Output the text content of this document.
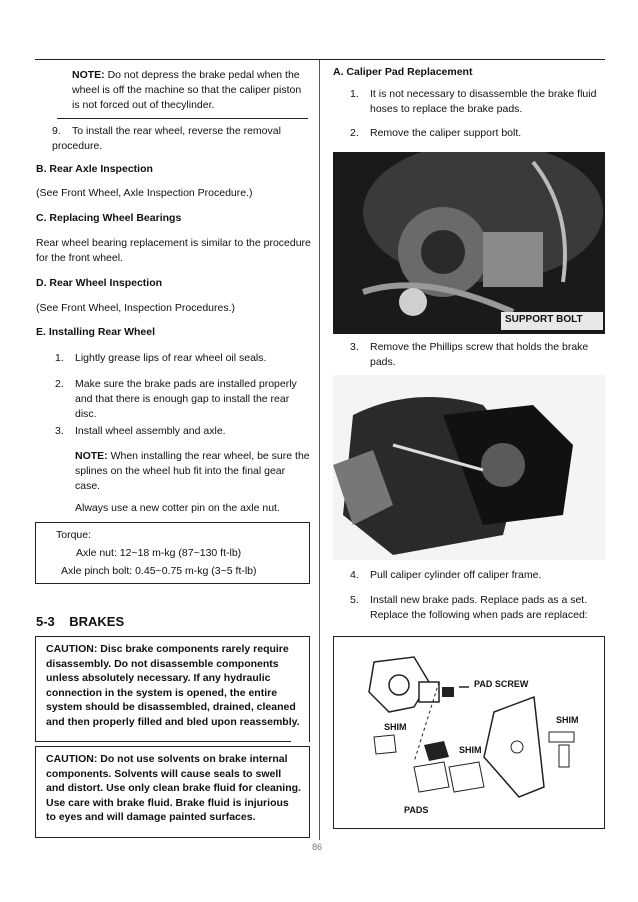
NOTE: Do not depress the brake pedal when the wheel is off the machine so that the caliper piston is not forced out of thecylinder.
9. To install the rear wheel, reverse the removal procedure.
B. Rear Axle Inspection
(See Front Wheel, Axle Inspection Procedure.)
C. Replacing Wheel Bearings
Rear wheel bearing replacement is similar to the procedure for the front wheel.
D. Rear Wheel Inspection
(See Front Wheel, Inspection Procedures.)
E. Installing Rear Wheel
1. Lightly grease lips of rear wheel oil seals.
2.	Make sure the brake pads are installed properly and that there is enough gap to install the rear disc.
3. Install wheel assembly and axle.
NOTE: When installing the rear wheel, be sure the splines on the wheel hub fit into the final gear case.
Always use a new cotter pin on the axle nut.
Torque:
Axle nut: 12~18 m-kg (87~130 ft-lb)
Axle pinch bolt: 0.45~0.75 m-kg (3~5 ft-lb)
5-3    BRAKES
CAUTION: Disc brake components rarely require disassembly. Do not disassemble components unless absolutely necessary. If any hydraulic connection in the system is opened, the entire system should be disassembled, drained, cleaned and then properly filled and bled upon reassembly.
CAUTION: Do not use solvents on brake internal components. Solvents will cause seals to swell and distort. Use only clean brake fluid for cleaning. Use care with brake fluid. Brake fluid is injurious to eyes and will damage painted surfaces.
A. Caliper Pad Replacement
1.	It is not necessary to disassemble the brake fluid hoses to replace the brake pads.
2. Remove the caliper support bolt.
SUPPORT BOLT
3.	Remove the Phillips screw that holds the brake pads.
4. Pull caliper cylinder off caliper frame.
5.	Install new brake pads. Replace pads as a set. Replace the following when pads are replaced:
PAD SCREW
SHIM
SHIM
SHIM
PADS
86
